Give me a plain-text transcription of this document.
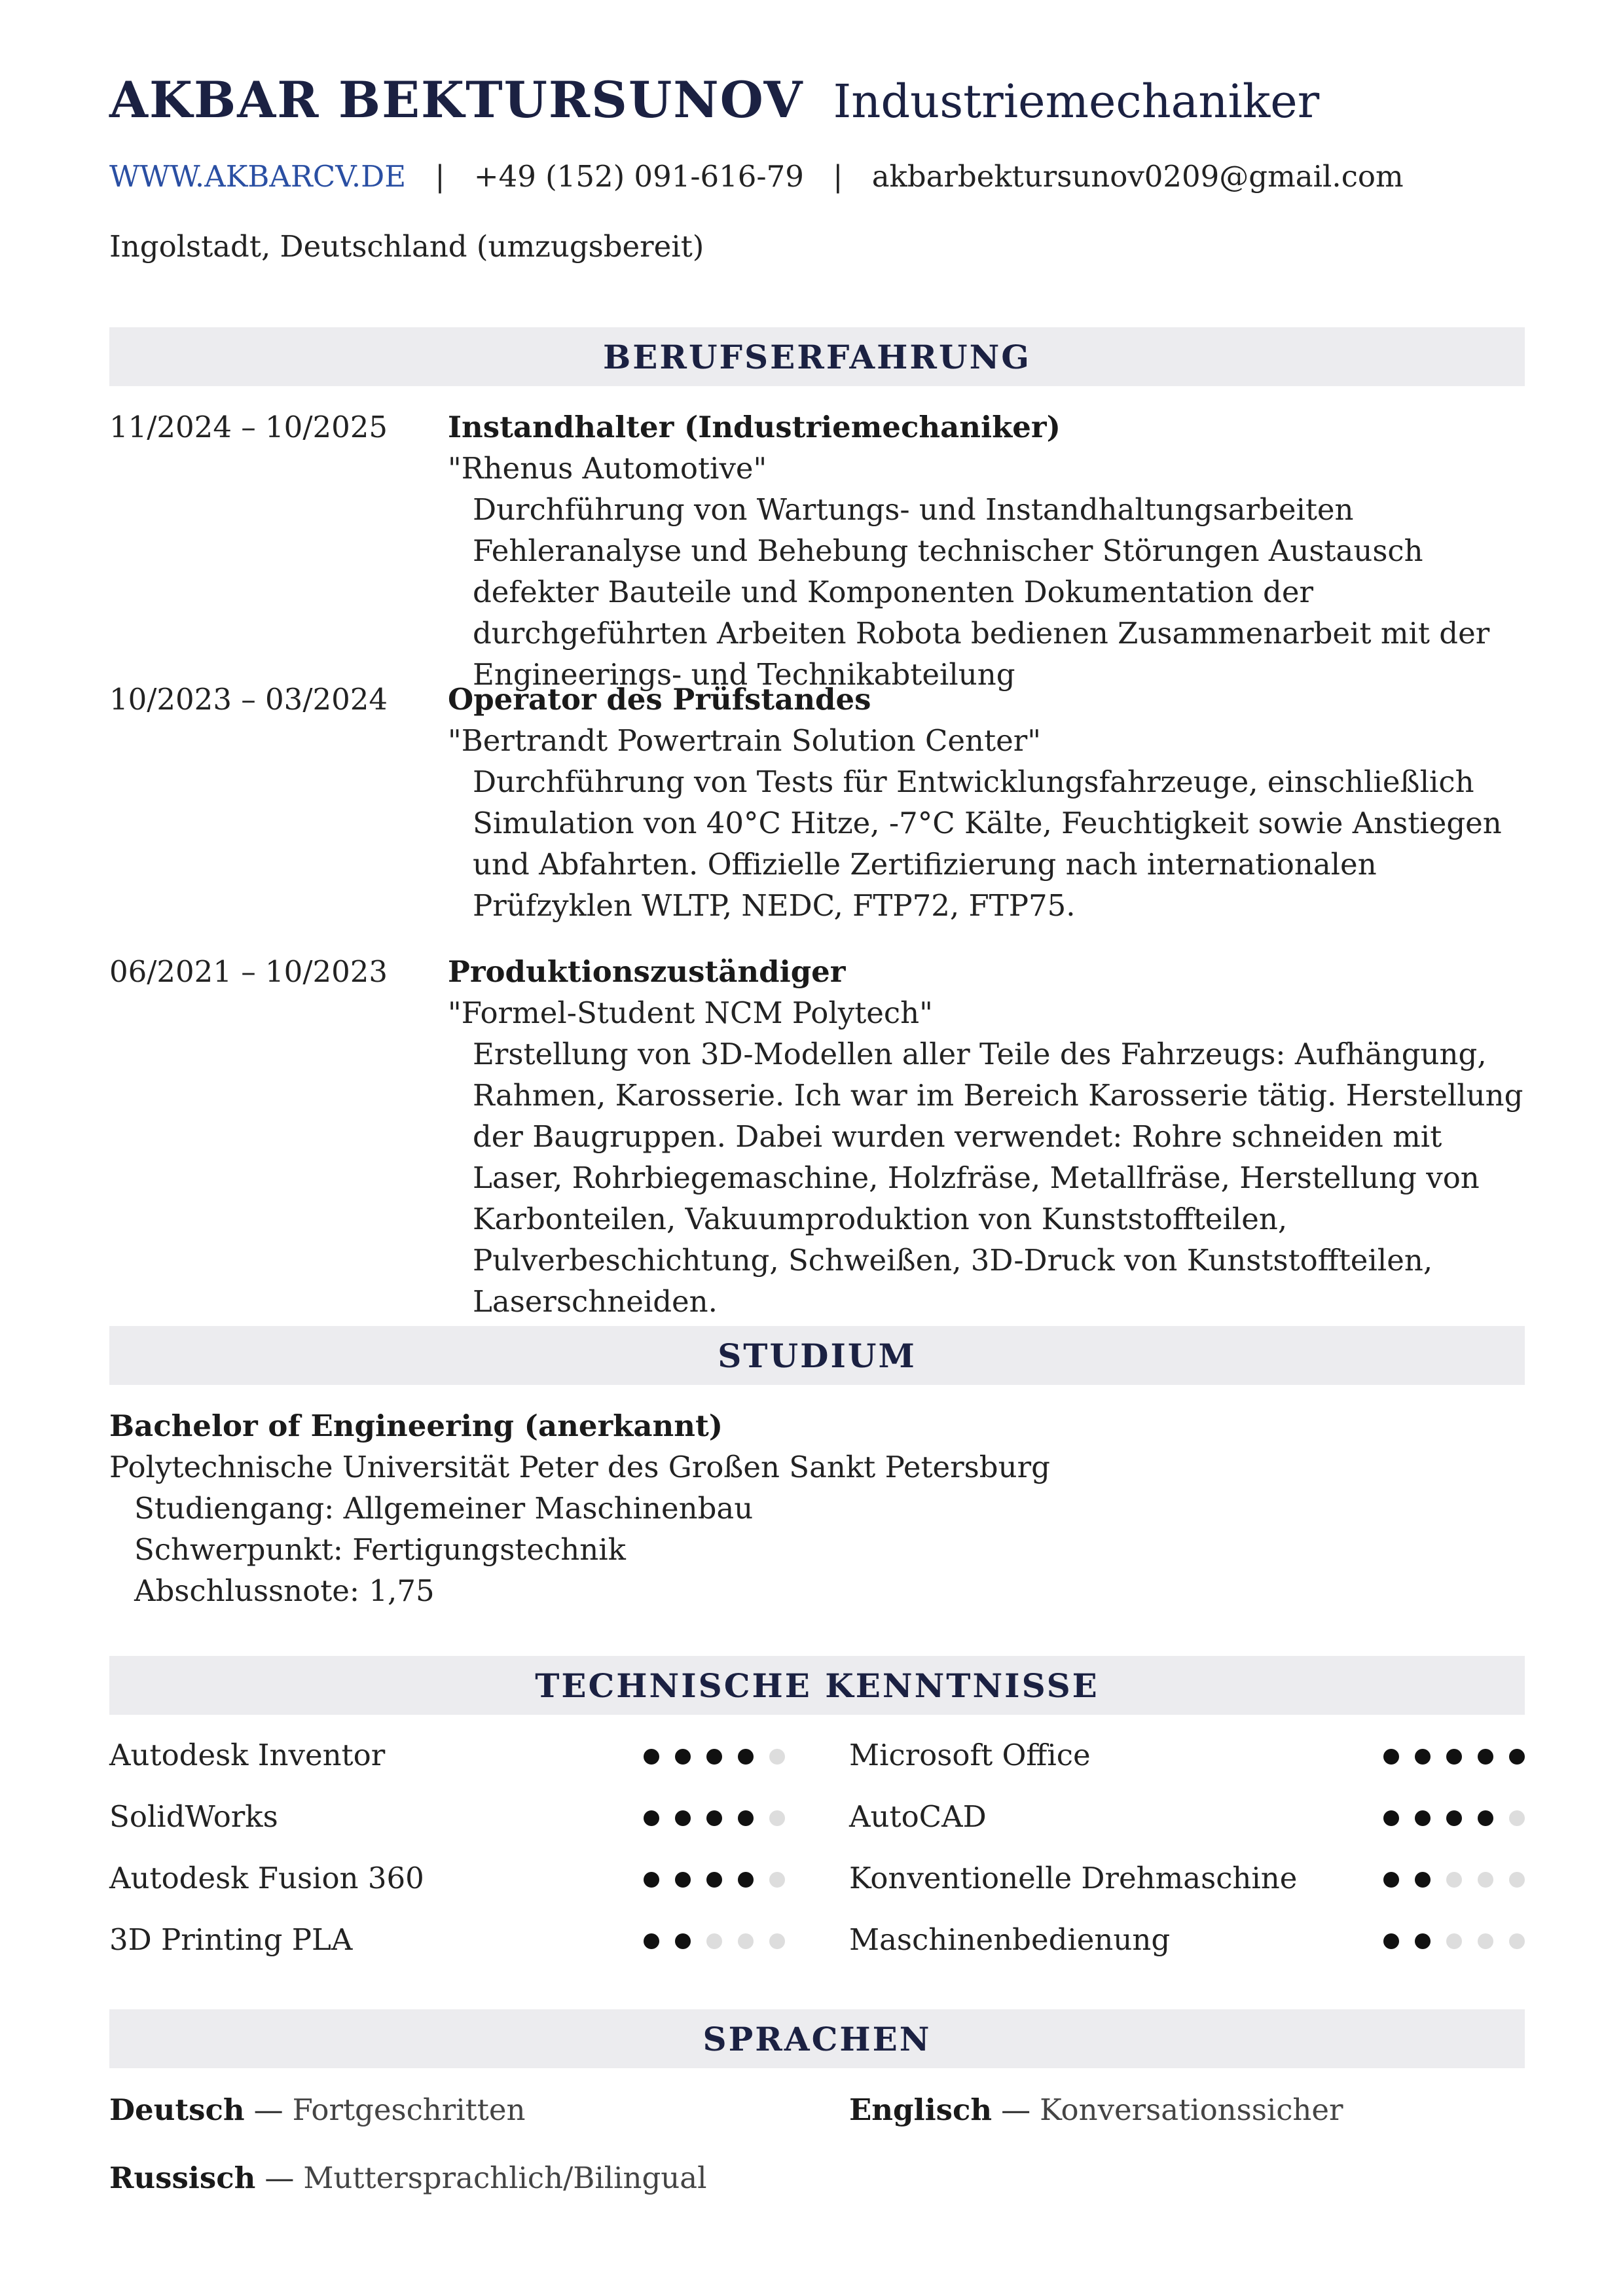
AKBAR BEKTURSUNOV Industriemechaniker
WWW.AKBARCV.DE | +49 (152) 091-616-79 | akbarbektursunov0209@gmail.com
Ingolstadt, Deutschland (umzugsbereit)
BERUFSERFAHRUNG
11/2024 – 10/2025 Instandhalter (Industriemechaniker)
"Rhenus Automotive"
Durchführung von Wartungs- und Instandhaltungsarbeiten Fehleranalyse und Behebung technischer Störungen Austausch defekter Bauteile und Komponenten Dokumentation der durchgeführten Arbeiten Robota bedienen Zusammenarbeit mit der Engineerings- und Technikabteilung
10/2023 – 03/2024 Operator des Prüfstandes
"Bertrandt Powertrain Solution Center"
Durchführung von Tests für Entwicklungsfahrzeuge, einschließlich Simulation von 40°C Hitze, -7°C Kälte, Feuchtigkeit sowie Anstiegen und Abfahrten. Offizielle Zertifizierung nach internationalen Prüfzyklen WLTP, NEDC, FTP72, FTP75.
06/2021 – 10/2023 Produktionszuständiger
"Formel-Student NCM Polytech"
Erstellung von 3D-Modellen aller Teile des Fahrzeugs: Aufhängung, Rahmen, Karosserie. Ich war im Bereich Karosserie tätig. Herstellung der Baugruppen. Dabei wurden verwendet: Rohre schneiden mit Laser, Rohrbiegemaschine, Holzfräse, Metallfräse, Herstellung von Karbonteilen, Vakuumproduktion von Kunststoffteilen, Pulverbeschichtung, Schweißen, 3D-Druck von Kunststoffteilen, Laserschneiden.
STUDIUM
Bachelor of Engineering (anerkannt)
Polytechnische Universität Peter des Großen Sankt Petersburg
Studiengang: Allgemeiner Maschinenbau
Schwerpunkt: Fertigungstechnik
Abschlussnote: 1,75
TECHNISCHE KENNTNISSE
Autodesk Inventor	Microsoft Office
SolidWorks	AutoCAD
Autodesk Fusion 360	Konventionelle Drehmaschine
3D Printing PLA	Maschinenbedienung
SPRACHEN
Deutsch — Fortgeschritten	Englisch — Konversationssicher
Russisch — Muttersprachlich/Bilingual
